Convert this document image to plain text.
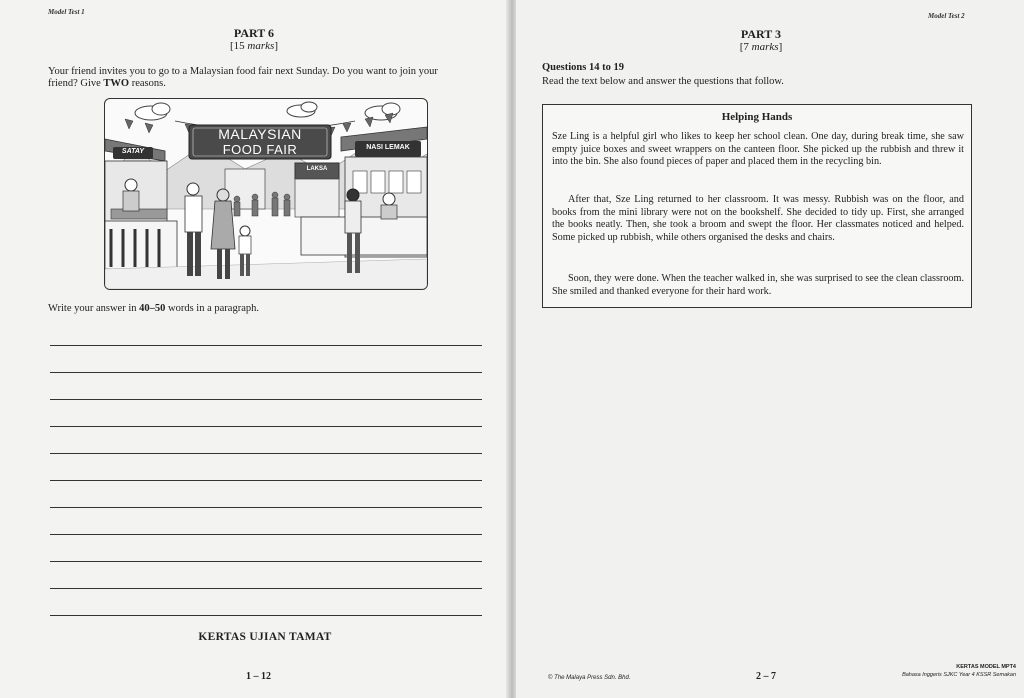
Model Test 1
PART 6
[15 marks]
Your friend invites you to go to a Malaysian food fair next Sunday. Do you want to join your
friend? Give TWO reasons.
MALAYSIAN
FOOD FAIR
SATAY
LAKSA
NASI LEMAK
Write your answer in 40–50 words in a paragraph.
KERTAS UJIAN TAMAT
1 – 12
Model Test 2
PART 3
[7 marks]
Questions 14 to 19
Read the text below and answer the questions that follow.
Helping Hands
Sze Ling is a helpful girl who likes to keep her school clean. One day, during break time, she saw empty juice boxes and sweet wrappers on the canteen floor. She picked up the rubbish and threw it into the bin. She also found pieces of paper and placed them in the recycling bin.
After that, Sze Ling returned to her classroom. It was messy. Rubbish was on the floor, and books from the mini library were not on the bookshelf. She decided to tidy up. First, she arranged the books neatly. Then, she took a broom and swept the floor. Her classmates noticed and helped. Some picked up rubbish, while others organised the desks and chairs.
Soon, they were done. When the teacher walked in, she was surprised to see the clean classroom. She smiled and thanked everyone for their hard work.
© The Malaya Press Sdn. Bhd.	2 – 7
KERTAS MODEL MPT4
Bahasa Inggeris SJKC Year 4 KSSR Semakan
